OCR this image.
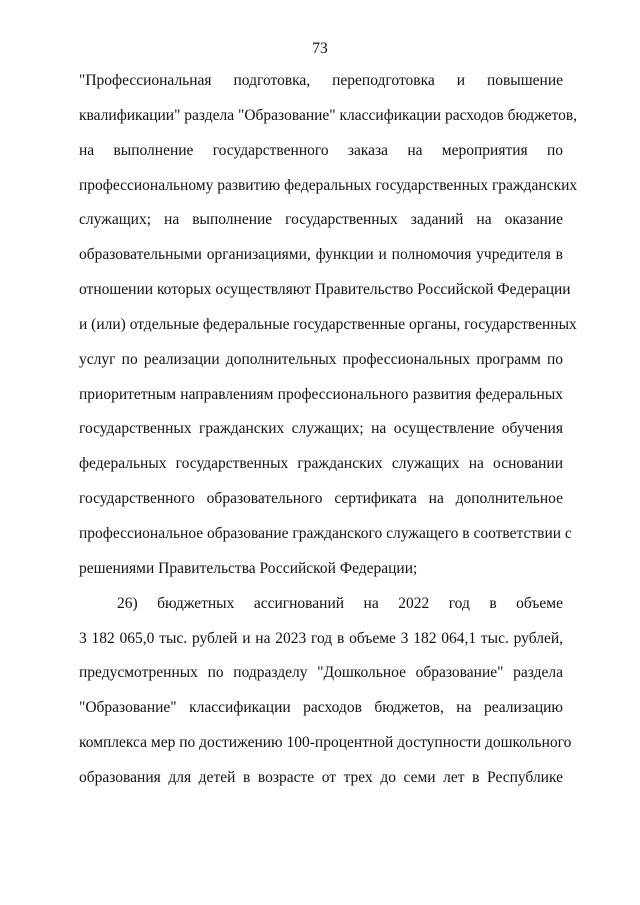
73
"Профессиональная подготовка, переподготовка и повышение
квалификации" раздела "Образование" классификации расходов бюджетов,
на выполнение государственного заказа на мероприятия по
профессиональному развитию федеральных государственных гражданских
служащих; на выполнение государственных заданий на оказание
образовательными организациями, функции и полномочия учредителя в
отношении которых осуществляют Правительство Российской Федерации
и (или) отдельные федеральные государственные органы, государственных
услуг по реализации дополнительных профессиональных программ по
приоритетным направлениям профессионального развития федеральных
государственных гражданских служащих; на осуществление обучения
федеральных государственных гражданских служащих на основании
государственного образовательного сертификата на дополнительное
профессиональное образование гражданского служащего в соответствии с
решениями Правительства Российской Федерации;
26) бюджетных ассигнований на 2022 год в объеме
3 182 065,0 тыс. рублей и на 2023 год в объеме 3 182 064,1 тыс. рублей,
предусмотренных по подразделу "Дошкольное образование" раздела
"Образование" классификации расходов бюджетов, на реализацию
комплекса мер по достижению 100-процентной доступности дошкольного
образования для детей в возрасте от трех до семи лет в Республике
